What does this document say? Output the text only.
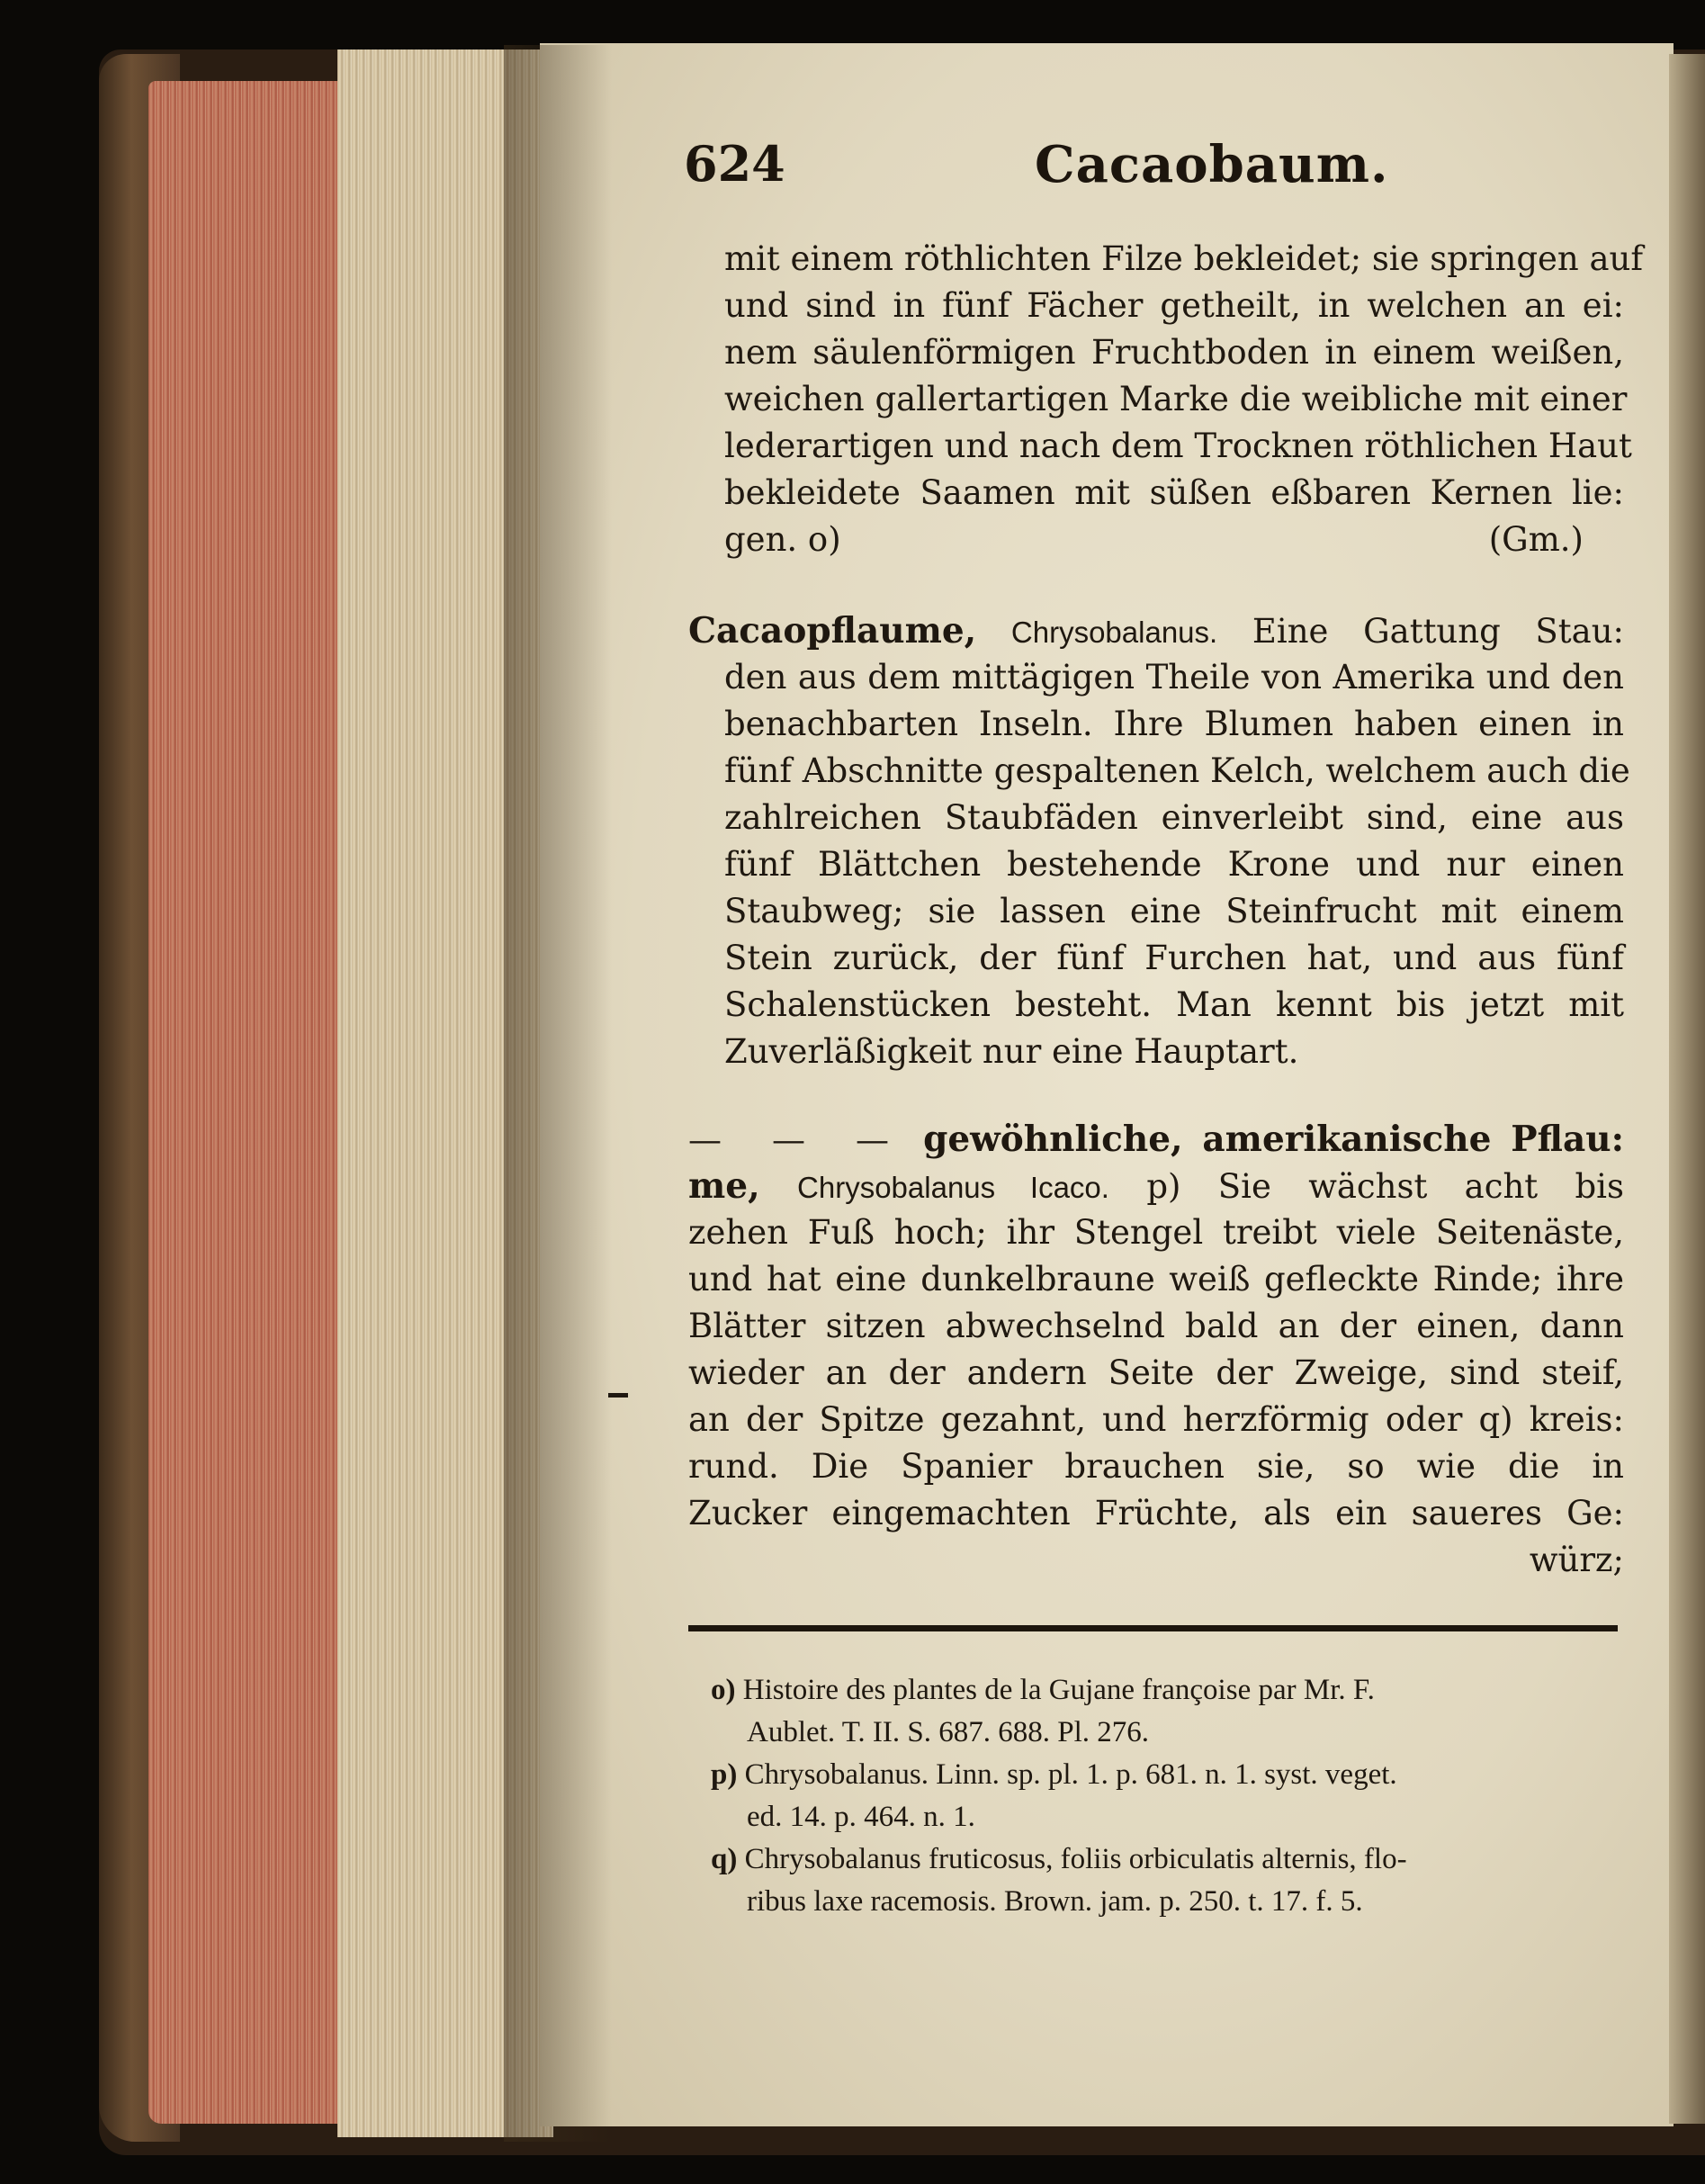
624	Cacaobaum.
mit einem röthlichten Filze bekleidet; sie springen auf
und sind in fünf Fächer getheilt, in welchen an ei:
nem säulenförmigen Fruchtboden in einem weißen,
weichen gallertartigen Marke die weibliche mit einer
lederartigen und nach dem Trocknen röthlichen Haut
bekleidete Saamen mit süßen eßbaren Kernen lie:
gen. o)	(Gm.)
Cacaopflaume, Chrysobalanus. Eine Gattung Stau:
den aus dem mittägigen Theile von Amerika und den
benachbarten Inseln. Ihre Blumen haben einen in
fünf Abschnitte gespaltenen Kelch, welchem auch die
zahlreichen Staubfäden einverleibt sind, eine aus
fünf Blättchen bestehende Krone und nur einen
Staubweg; sie lassen eine Steinfrucht mit einem
Stein zurück, der fünf Furchen hat, und aus fünf
Schalenstücken besteht. Man kennt bis jetzt mit
Zuverläßigkeit nur eine Hauptart.
— — — gewöhnliche, amerikanische Pflau:
me, Chrysobalanus Icaco. p) Sie wächst acht bis
zehen Fuß hoch; ihr Stengel treibt viele Seitenäste,
und hat eine dunkelbraune weiß gefleckte Rinde; ihre
Blätter sitzen abwechselnd bald an der einen, dann
wieder an der andern Seite der Zweige, sind steif,
an der Spitze gezahnt, und herzförmig oder q) kreis:
rund. Die Spanier brauchen sie, so wie die in
Zucker eingemachten Früchte, als ein saueres Ge:
würz;
o) Histoire des plantes de la Gujane françoise par Mr. F.
Aublet. T. II. S. 687. 688. Pl. 276.
p) Chrysobalanus. Linn. sp. pl. 1. p. 681. n. 1. syst. veget.
ed. 14. p. 464. n. 1.
q) Chrysobalanus fruticosus, foliis orbiculatis alternis, flo-
ribus laxe racemosis. Brown. jam. p. 250. t. 17. f. 5.
